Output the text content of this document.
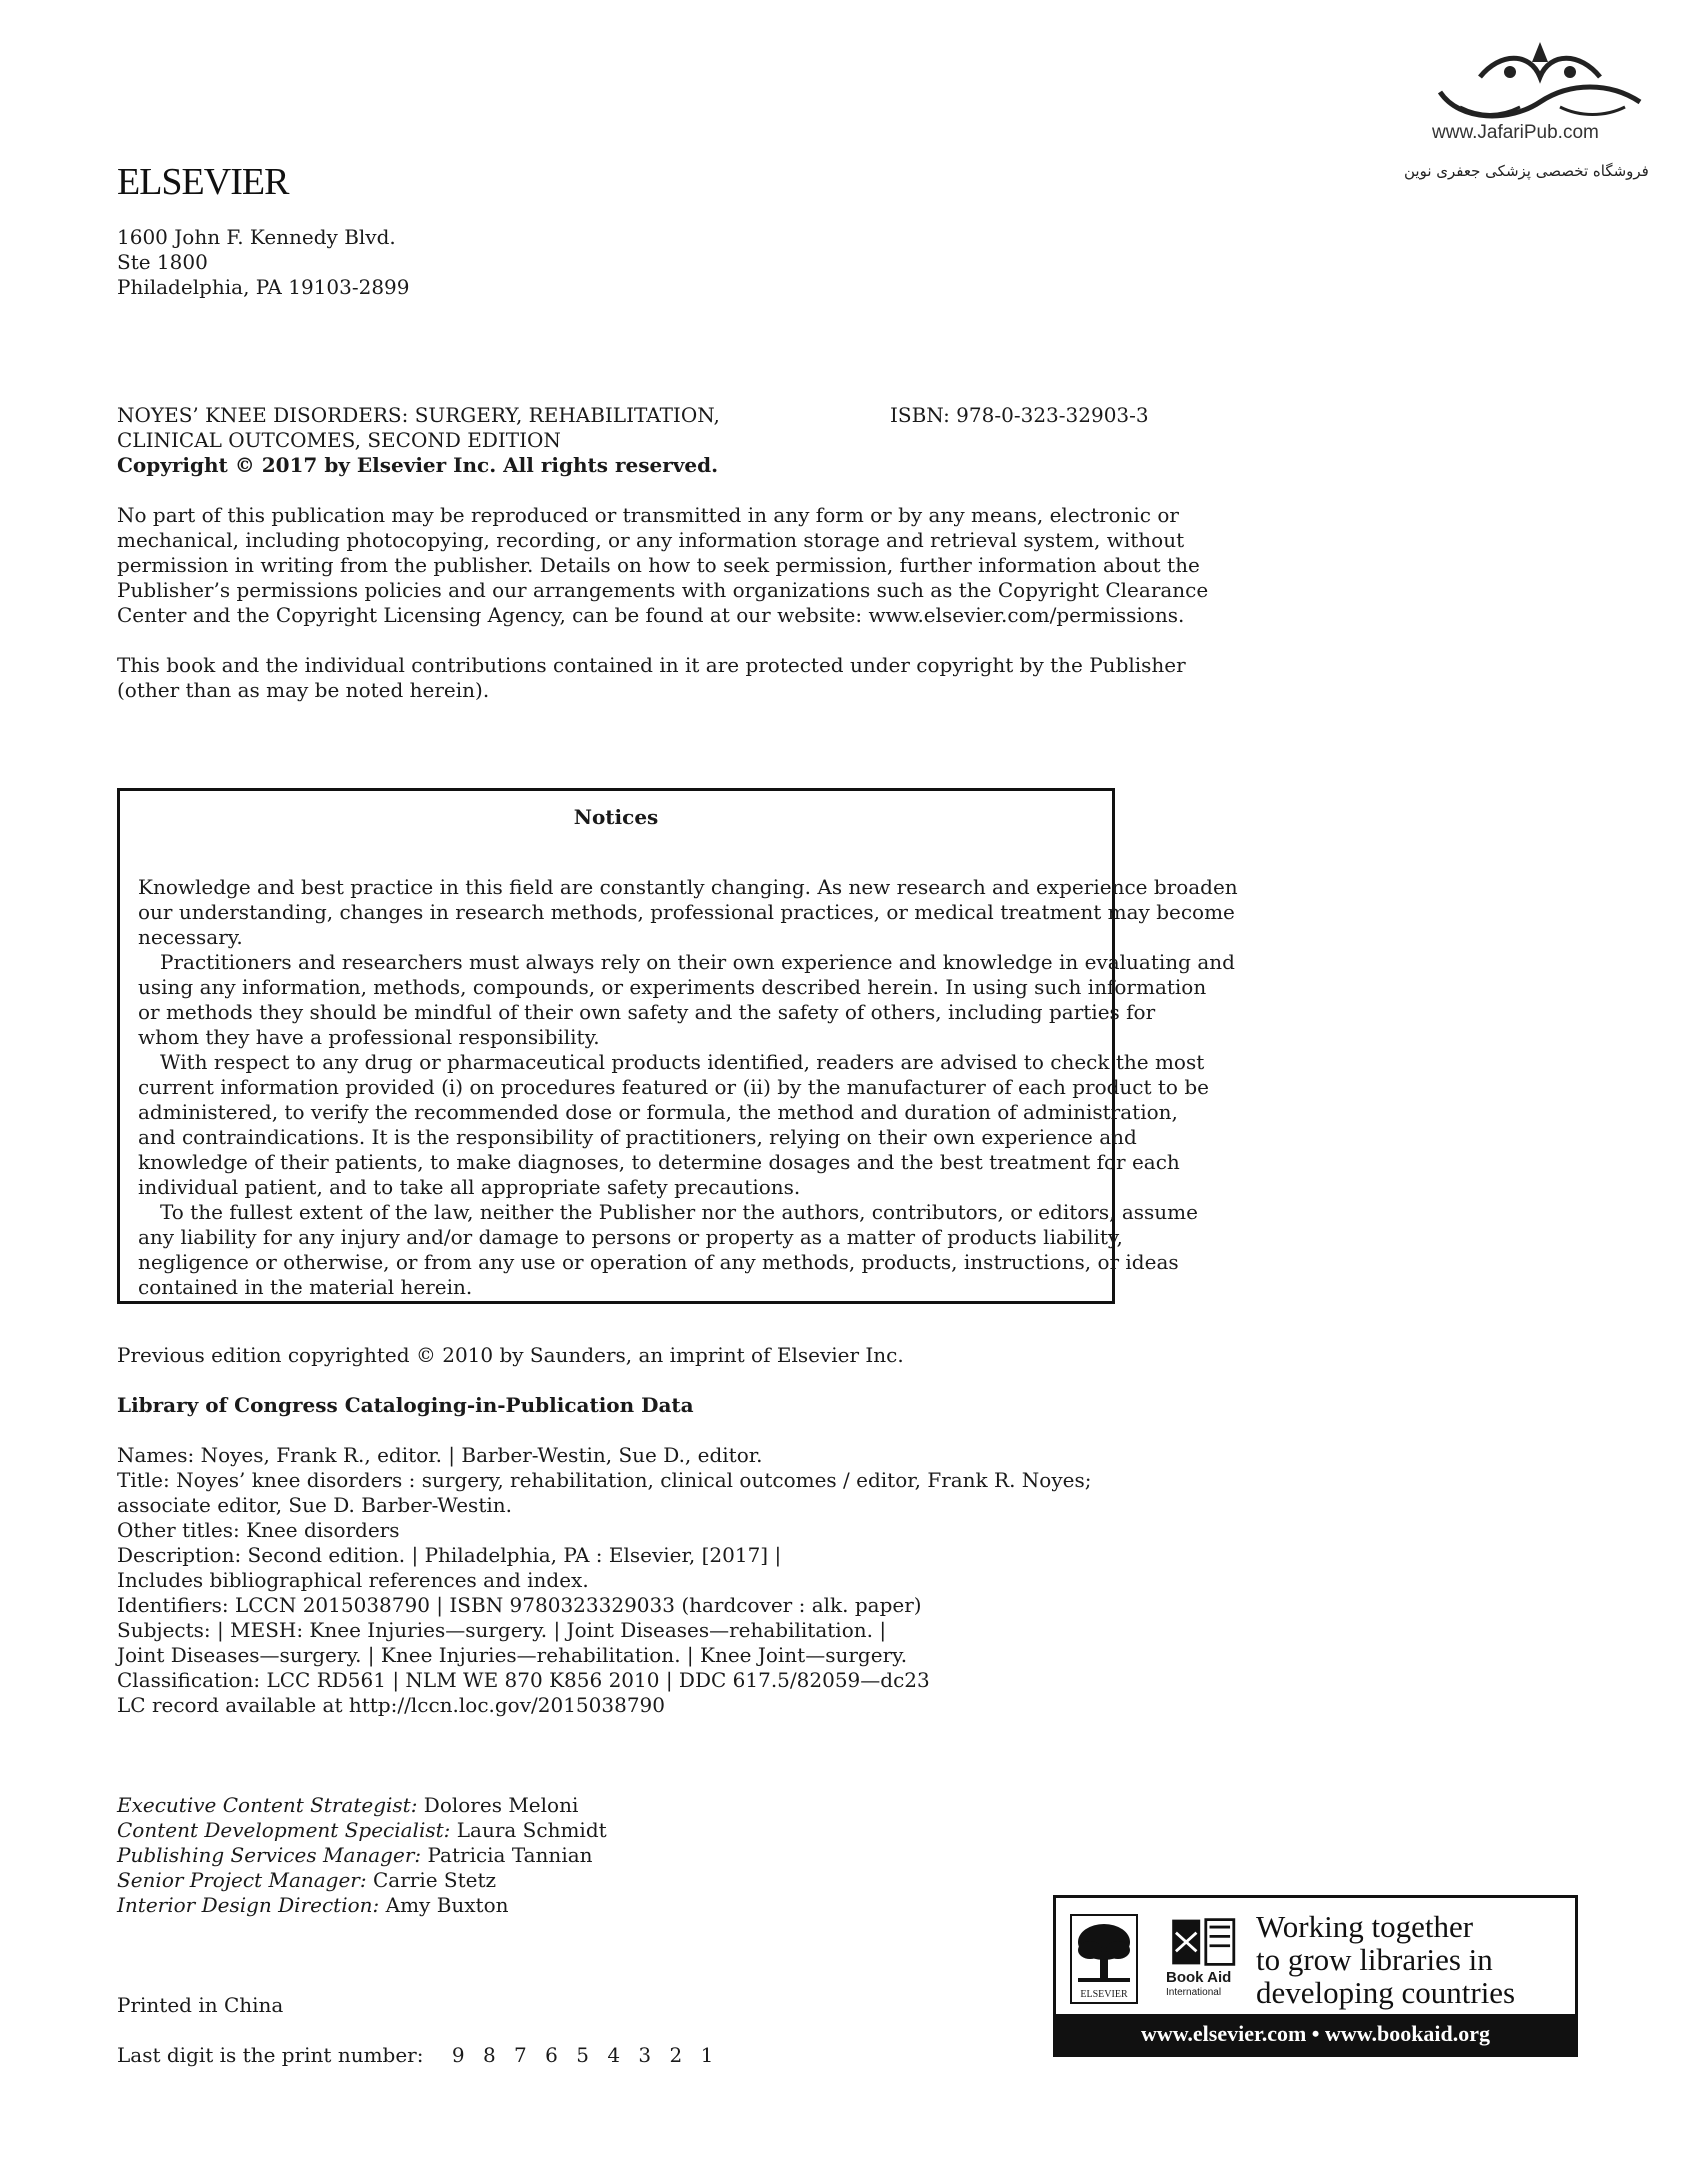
www.JafariPub.com
فروشگاه تخصصی پزشکی جعفری نوین
ELSEVIER
1600 John F. Kennedy Blvd.
Ste 1800
Philadelphia, PA 19103-2899
NOYES’ KNEE DISORDERS: SURGERY, REHABILITATION,
CLINICAL OUTCOMES, SECOND EDITION
Copyright © 2017 by Elsevier Inc. All rights reserved.
ISBN: 978-0-323-32903-3
No part of this publication may be reproduced or transmitted in any form or by any means, electronic or
mechanical, including photocopying, recording, or any information storage and retrieval system, without
permission in writing from the publisher. Details on how to seek permission, further information about the
Publisher’s permissions policies and our arrangements with organizations such as the Copyright Clearance
Center and the Copyright Licensing Agency, can be found at our website: www.elsevier.com/permissions.
This book and the individual contributions contained in it are protected under copyright by the Publisher
(other than as may be noted herein).
Notices
Knowledge and best practice in this field are constantly changing. As new research and experience broaden
our understanding, changes in research methods, professional practices, or medical treatment may become
necessary.
Practitioners and researchers must always rely on their own experience and knowledge in evaluating and
using any information, methods, compounds, or experiments described herein. In using such information
or methods they should be mindful of their own safety and the safety of others, including parties for
whom they have a professional responsibility.
With respect to any drug or pharmaceutical products identified, readers are advised to check the most
current information provided (i) on procedures featured or (ii) by the manufacturer of each product to be
administered, to verify the recommended dose or formula, the method and duration of administration,
and contraindications. It is the responsibility of practitioners, relying on their own experience and
knowledge of their patients, to make diagnoses, to determine dosages and the best treatment for each
individual patient, and to take all appropriate safety precautions.
To the fullest extent of the law, neither the Publisher nor the authors, contributors, or editors, assume
any liability for any injury and/or damage to persons or property as a matter of products liability,
negligence or otherwise, or from any use or operation of any methods, products, instructions, or ideas
contained in the material herein.
Previous edition copyrighted © 2010 by Saunders, an imprint of Elsevier Inc.
Library of Congress Cataloging-in-Publication Data
Names: Noyes, Frank R., editor. | Barber-Westin, Sue D., editor.
Title: Noyes’ knee disorders : surgery, rehabilitation, clinical outcomes / editor, Frank R. Noyes;
associate editor, Sue D. Barber-Westin.
Other titles: Knee disorders
Description: Second edition. | Philadelphia, PA : Elsevier, [2017] |
Includes bibliographical references and index.
Identifiers: LCCN 2015038790 | ISBN 9780323329033 (hardcover : alk. paper)
Subjects: | MESH: Knee Injuries—surgery. | Joint Diseases—rehabilitation. |
Joint Diseases—surgery. | Knee Injuries—rehabilitation. | Knee Joint—surgery.
Classification: LCC RD561 | NLM WE 870 K856 2010 | DDC 617.5/82059—dc23
LC record available at http://lccn.loc.gov/2015038790
Executive Content Strategist: Dolores Meloni
Content Development Specialist: Laura Schmidt
Publishing Services Manager: Patricia Tannian
Senior Project Manager: Carrie Stetz
Interior Design Direction: Amy Buxton
Printed in China
Last digit is the print number: 9 8 7 6 5 4 3 2 1
ELSEVIER
Book Aid
International
Working together
to grow libraries in
developing countries
www.elsevier.com • www.bookaid.org
